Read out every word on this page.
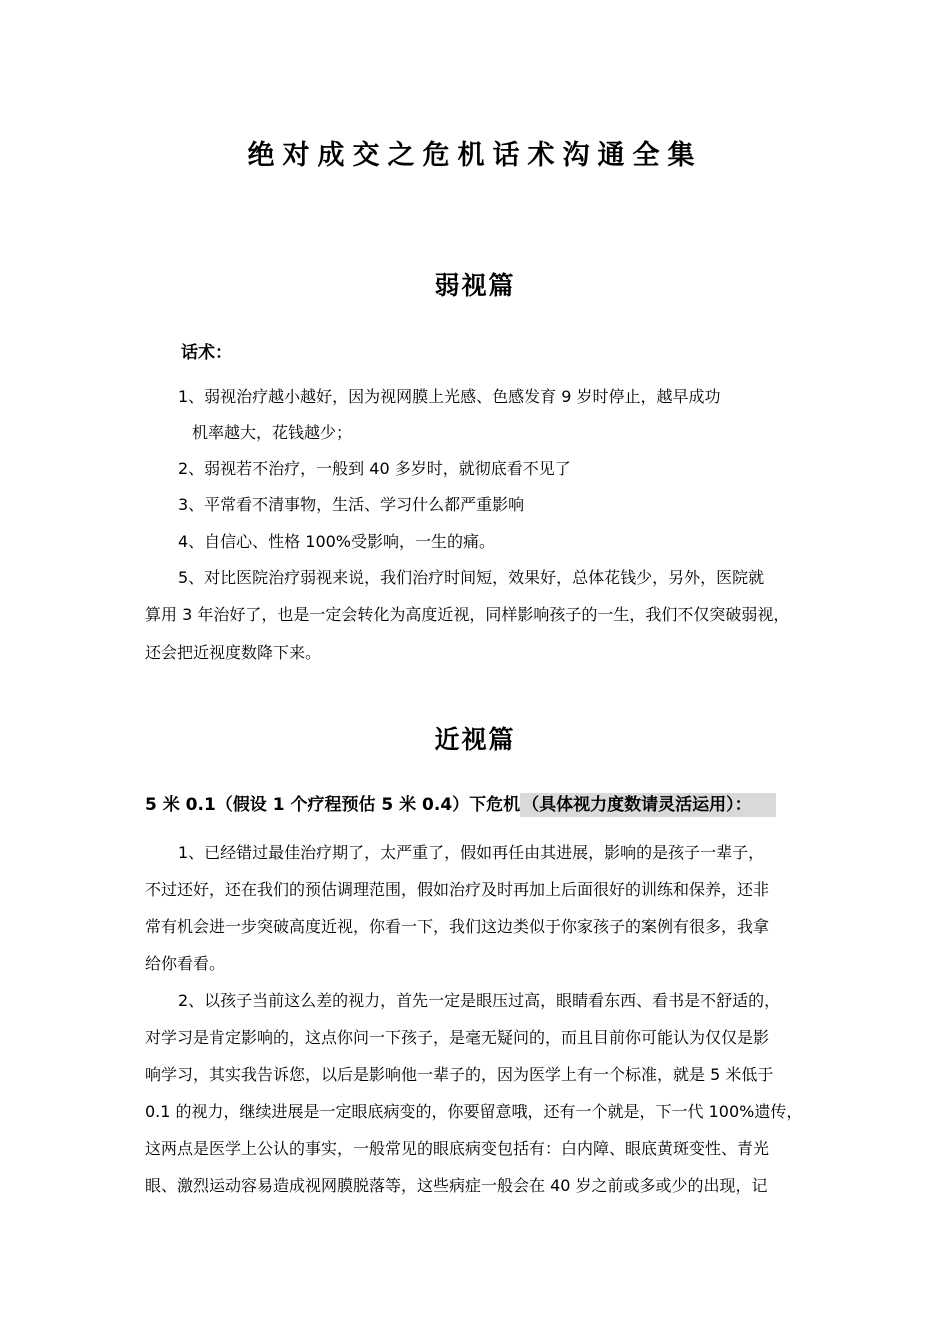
绝对成交之危机话术沟通全集
弱视篇
话术：
1、弱视治疗越小越好，因为视网膜上光感、色感发育 9 岁时停止，越早成功
机率越大，花钱越少；
2、弱视若不治疗，一般到 40 多岁时，就彻底看不见了
3、平常看不清事物，生活、学习什么都严重影响
4、自信心、性格 100%受影响，一生的痛。
5、对比医院治疗弱视来说，我们治疗时间短，效果好，总体花钱少，另外，医院就
算用 3 年治好了，也是一定会转化为高度近视，同样影响孩子的一生，我们不仅突破弱视，
还会把近视度数降下来。
近视篇
5 米 0.1（假设 1 个疗程预估 5 米 0.4）下危机 （具体视力度数请灵活运用）：
1、已经错过最佳治疗期了，太严重了，假如再任由其进展，影响的是孩子一辈子，
不过还好，还在我们的预估调理范围，假如治疗及时再加上后面很好的训练和保养，还非
常有机会进一步突破高度近视，你看一下，我们这边类似于你家孩子的案例有很多，我拿
给你看看。
2、以孩子当前这么差的视力，首先一定是眼压过高，眼睛看东西、看书是不舒适的，
对学习是肯定影响的，这点你问一下孩子，是毫无疑问的，而且目前你可能认为仅仅是影
响学习，其实我告诉您，以后是影响他一辈子的，因为医学上有一个标准，就是 5 米低于
0.1 的视力，继续进展是一定眼底病变的，你要留意哦，还有一个就是，下一代 100%遗传，
这两点是医学上公认的事实，一般常见的眼底病变包括有：白内障、眼底黄斑变性、青光
眼、激烈运动容易造成视网膜脱落等，这些病症一般会在 40 岁之前或多或少的出现，记
